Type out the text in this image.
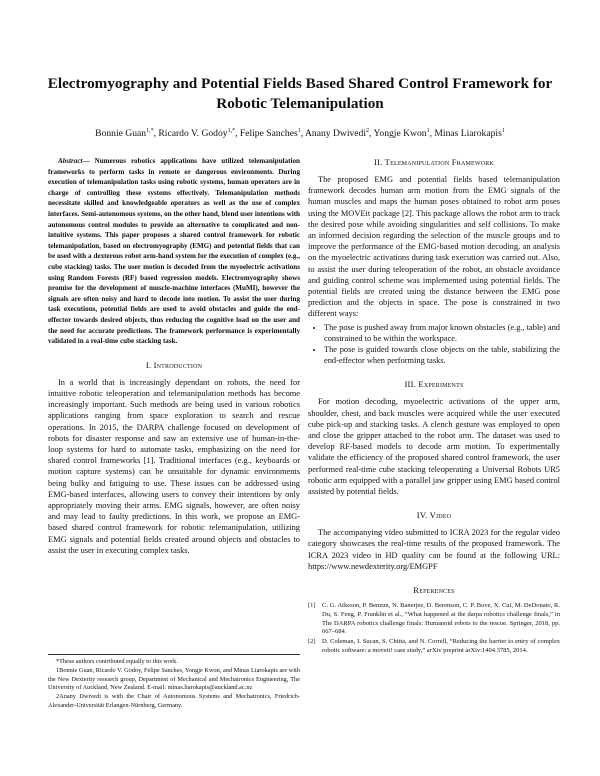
Electromyography and Potential Fields Based Shared Control Framework for Robotic Telemanipulation
Bonnie Guan$^{1,*}$, Ricardo V. Godoy$^{1,*}$, Felipe Sanches$^1$, Anany Dwivedi$^2$, Yongje Kwon$^1$, Minas Liarokapis$^1$

Abstract— Numerous robotics applications have utilized telemanipulation frameworks to perform tasks in remote or dangerous environments. During execution of telemanipulation tasks using robotic systems, human operators are in charge of controlling these systems effectively. Telemanipulation methods necessitate skilled and knowledgeable operators as well as the use of complex interfaces. Semi-autonomous systems, on the other hand, blend user intentions with autonomous control modules to provide an alternative to complicated and non-intuitive systems. This paper proposes a shared control framework for robotic telemanipulation, based on electromyography (EMG) and potential fields that can be used with a dexterous robot arm-hand system for the execution of complex (e.g., cube stacking) tasks. The user motion is decoded from the myoelectric activations using Random Forests (RF) based regression models. Electromyography shows promise for the development of muscle-machine interfaces (MuMI), however the signals are often noisy and hard to decode into motion. To assist the user during task executions, potential fields are used to avoid obstacles and guide the end-effector towards desired objects, thus reducing the cognitive load on the user and the need for accurate predictions. The framework performance is experimentally validated in a real-time cube stacking task.

I. Introduction

In a world that is increasingly dependant on robots, the need for intuitive robotic teleoperation and telemanipulation methods has become increasingly important. Such methods are being used in various robotics applications ranging from space exploration to search and rescue operations. In 2015, the DARPA challenge focused on development of robots for disaster response and saw an extensive use of human-in-the-loop systems for hard to automate tasks, emphasizing on the need for shared control frameworks [1]. Traditional interfaces (e.g., keyboards or motion capture systems) can be unsuitable for dynamic environments being bulky and fatiguing to use. These issues can be addressed using EMG-based interfaces, allowing users to convey their intentions by only appropriately moving their arms. EMG signals, however, are often noisy and may lead to faulty predictions. In this work, we propose an EMG-based shared control framework for robotic telemanipulation, utilizing EMG signals and potential fields created around objects and obstacles to assist the user in executing complex tasks.

*These authors contributed equally to this work.

1Bonnie Guan, Ricardo V. Godoy, Felipe Sanches, Yongje Kwon, and Minas Liarokapis are with the New Dexterity research group, Department of Mechanical and Mechatronics Engineering, The University of Auckland, New Zealand. E-mail: minas.liarokapis@auckland.ac.nz

2Anany Dwivedi is with the Chair of Autonomous Systems and Mechatronics, Friedrich-Alexander-Universität Erlangen-Nürnberg, Germany.

II. Telemanipulation Framework

The proposed EMG and potential fields based telemanipulation framework decodes human arm motion from the EMG signals of the human muscles and maps the human poses obtained to robot arm poses using the MOVEit package [2]. This package allows the robot arm to track the desired pose while avoiding singularities and self collisions. To make an informed decision regarding the selection of the muscle groups and to improve the performance of the EMG-based motion decoding, an analysis on the myoelectric activations during task execution was carried out. Also, to assist the user during teleoperation of the robot, an obstacle avoidance and guiding control scheme was implemented using potential fields. The potential fields are created using the distance between the EMG pose prediction and the objects in space. The pose is constrained in two different ways:

• The pose is pushed away from major known obstacles (e.g., table) and constrained to be within the workspace.
• The pose is guided towards close objects on the table, stabilizing the end-effector when performing tasks.
III. Experiments

For motion decoding, myoelectric activations of the upper arm, shoulder, chest, and back muscles were acquired while the user executed cube pick-up and stacking tasks. A clench gesture was employed to open and close the gripper attached to the robot arm. The dataset was used to develop RF-based models to decode arm motion. To experimentally validate the efficiency of the proposed shared control framework, the user performed real-time cube stacking teleoperating a Universal Robots UR5 robotic arm equipped with a parallel jaw gripper using EMG based control assisted by potential fields.

IV. Video

The accompanying video submitted to ICRA 2023 for the regular video category showcases the real-time results of the proposed framework. The ICRA 2023 video in HD quality can be found at the following URL: https://www.newdexterity.org/EMGPF

References
[1] C. G. Atkeson, P. Benzun, N. Banerjee, D. Berenson, C. P. Bove, X. Cui, M. DeDonato, R. Du, S. Feng, P. Franklin et al., “What happened at the darpa robotics challenge finals,” in The DARPA robotics challenge finals: Humanoid robots to the rescue. Springer, 2018, pp. 667–684.
[2] D. Coleman, I. Sucan, S. Chitta, and N. Correll, “Reducing the barrier to entry of complex robotic software: a moveit! case study,” arXiv preprint arXiv:1404.3785, 2014.
